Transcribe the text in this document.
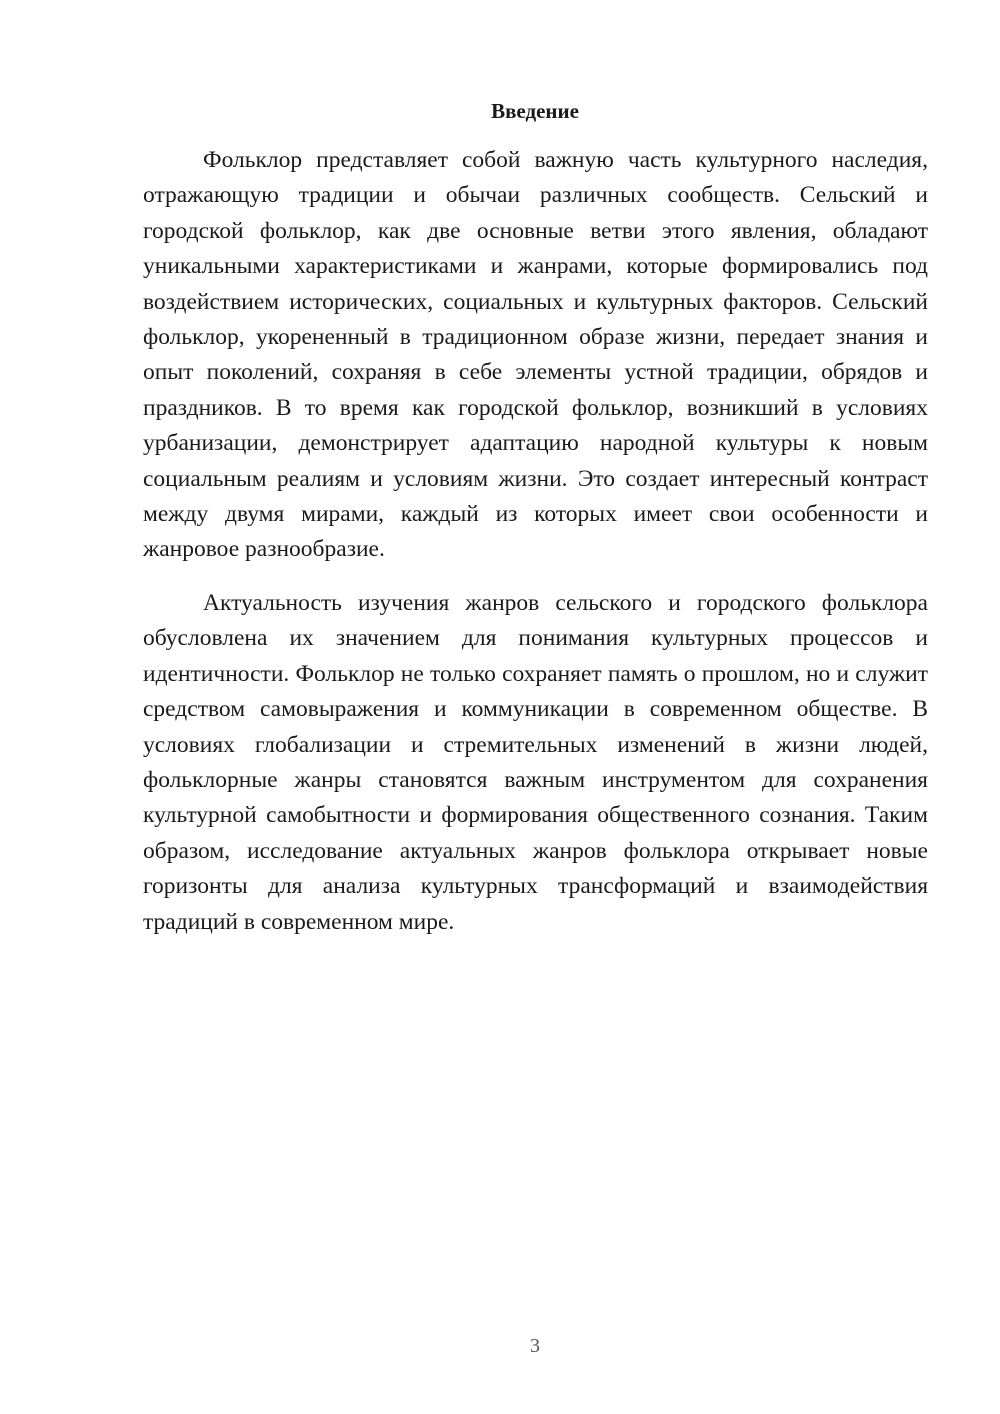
Введение

Фольклор представляет собой важную часть культурного наследия, отражающую традиции и обычаи различных сообществ. Сельский и городской фольклор, как две основные ветви этого явления, обладают уникальными характеристиками и жанрами, которые формировались под воздействием исторических, социальных и культурных факторов. Сельский фольклор, укорененный в традиционном образе жизни, передает знания и опыт поколений, сохраняя в себе элементы устной традиции, обрядов и праздников. В то время как городской фольклор, возникший в условиях урбанизации, демонстрирует адаптацию народной культуры к новым социальным реалиям и условиям жизни. Это создает интересный контраст между двумя мирами, каждый из которых имеет свои особенности и жанровое разнообразие.

Актуальность изучения жанров сельского и городского фольклора обусловлена их значением для понимания культурных процессов и идентичности. Фольклор не только сохраняет память о прошлом, но и служит средством самовыражения и коммуникации в современном обществе. В условиях глобализации и стремительных изменений в жизни людей, фольклорные жанры становятся важным инструментом для сохранения культурной самобытности и формирования общественного сознания. Таким образом, исследование актуальных жанров фольклора открывает новые горизонты для анализа культурных трансформаций и взаимодействия традиций в современном мире.

3
